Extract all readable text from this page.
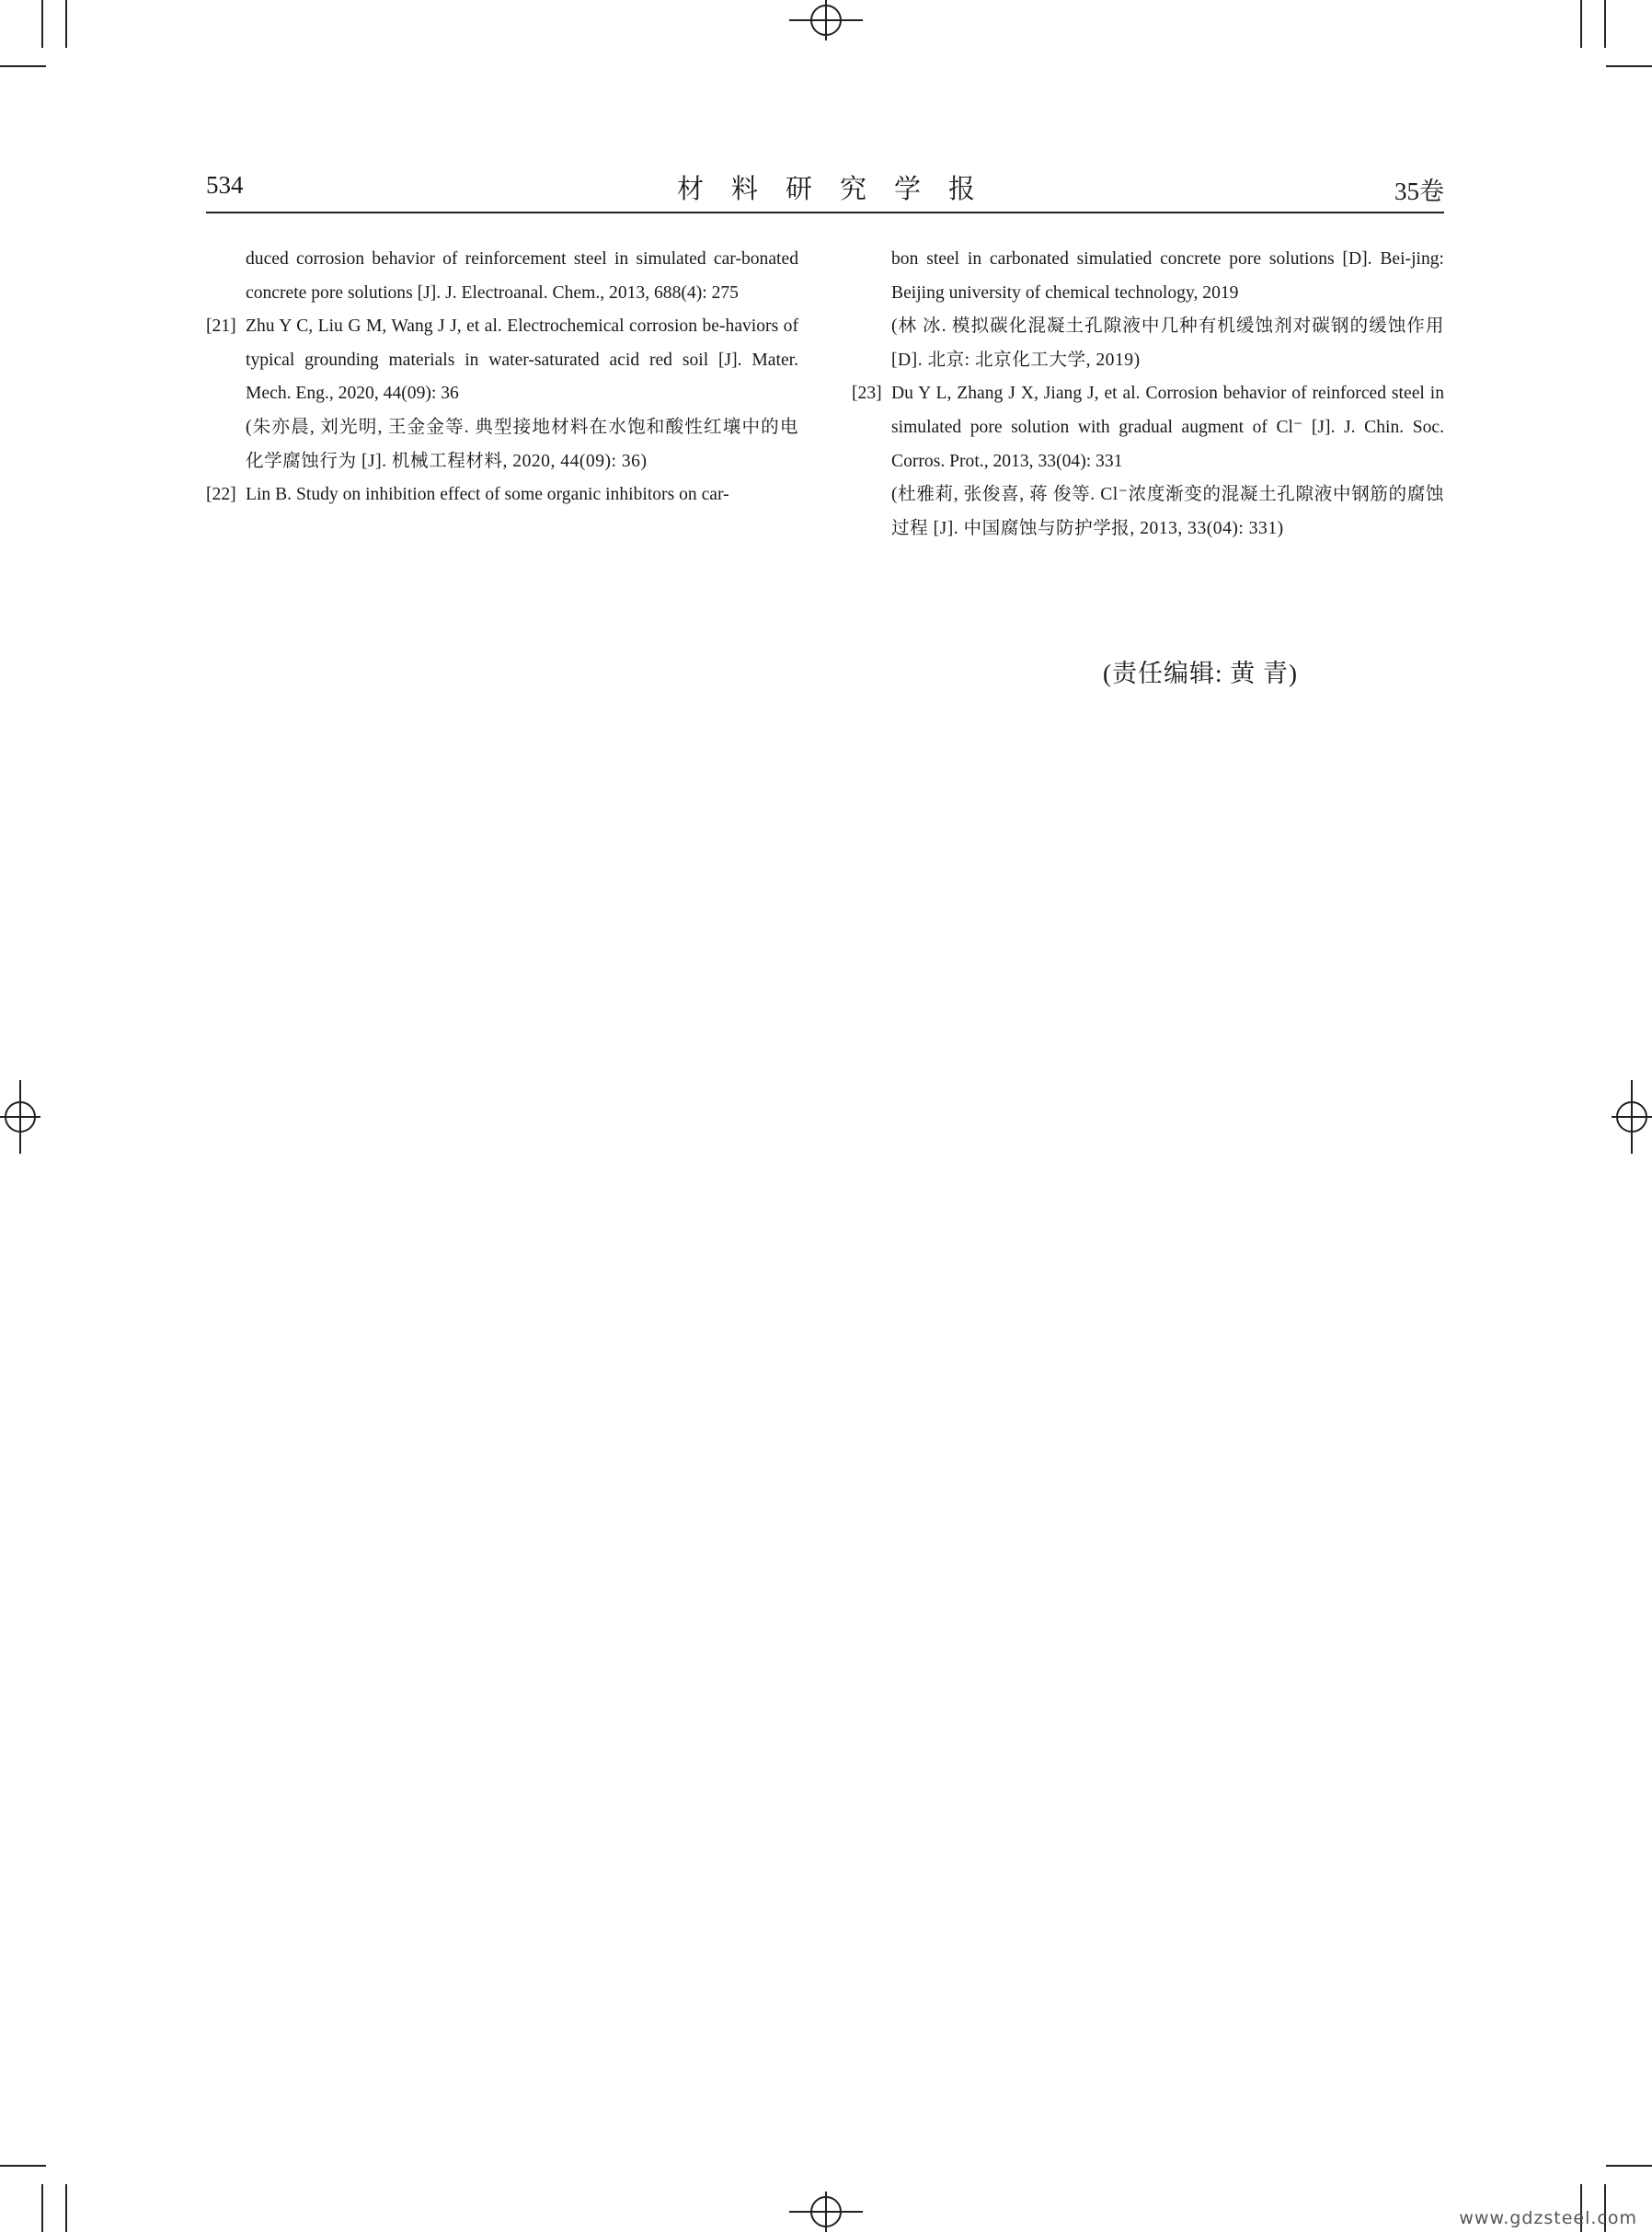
534	材料研究学报	35卷

duced corrosion behavior of reinforcement steel in simulated car-bonated concrete pore solutions [J]. J. Electroanal. Chem., 2013, 688(4): 275

[21] Zhu Y C, Liu G M, Wang J J, et al. Electrochemical corrosion be-haviors of typical grounding materials in water-saturated acid red soil [J]. Mater. Mech. Eng., 2020, 44(09): 36

(朱亦晨, 刘光明, 王金金等. 典型接地材料在水饱和酸性红壤中的电化学腐蚀行为 [J]. 机械工程材料, 2020, 44(09): 36)

[22] Lin B. Study on inhibition effect of some organic inhibitors on car-

bon steel in carbonated simulatied concrete pore solutions [D]. Bei-jing: Beijing university of chemical technology, 2019

(林 冰. 模拟碳化混凝土孔隙液中几种有机缓蚀剂对碳钢的缓蚀作用 [D]. 北京: 北京化工大学, 2019)

[23] Du Y L, Zhang J X, Jiang J, et al. Corrosion behavior of reinforced steel in simulated pore solution with gradual augment of Cl⁻ [J]. J. Chin. Soc. Corros. Prot., 2013, 33(04): 331

(杜雅莉, 张俊喜, 蒋 俊等. Cl⁻浓度渐变的混凝土孔隙液中钢筋的腐蚀过程 [J]. 中国腐蚀与防护学报, 2013, 33(04): 331)

(责任编辑: 黄 青)
www.gdzsteel.com
